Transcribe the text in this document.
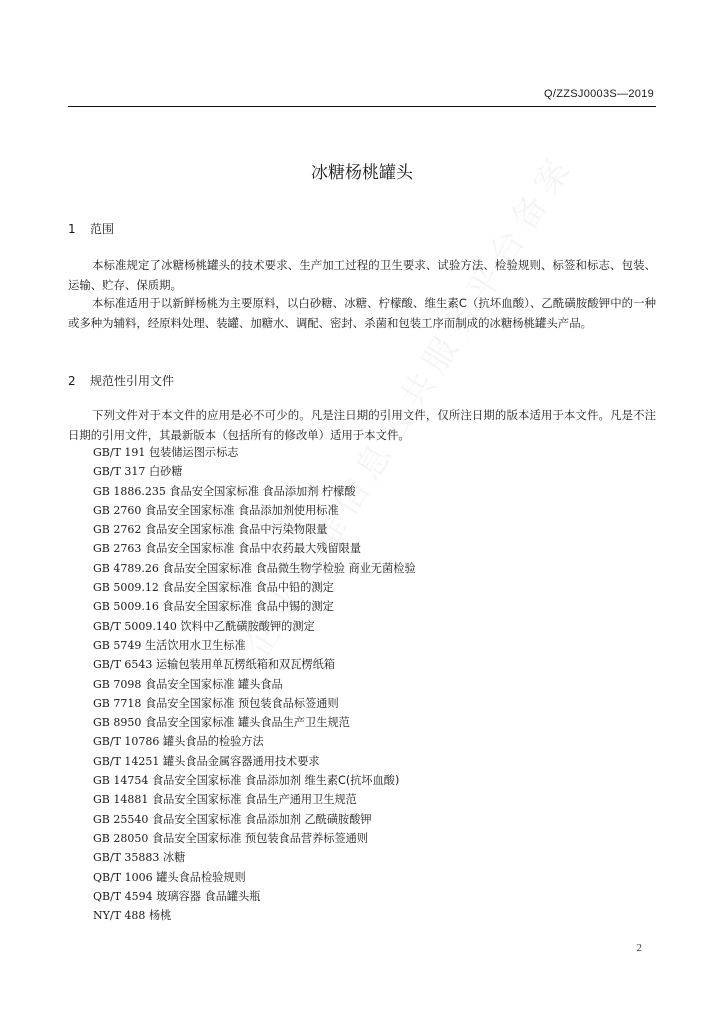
Q/ZZSJ0003S—2019
冰糖杨桃罐头
1 范围

本标准规定了冰糖杨桃罐头的技术要求、生产加工过程的卫生要求、试验方法、检验规则、标签和标志、包装、运输、贮存、保质期。

本标准适用于以新鲜杨桃为主要原料，以白砂糖、冰糖、柠檬酸、维生素C（抗坏血酸）、乙酰磺胺酸钾中的一种或多种为辅料，经原料处理、装罐、加糖水、调配、密封、杀菌和包装工序而制成的冰糖杨桃罐头产品。

2 规范性引用文件

下列文件对于本文件的应用是必不可少的。凡是注日期的引用文件，仅所注日期的版本适用于本文件。凡是不注日期的引用文件，其最新版本（包括所有的修改单）适用于本文件。

GB/T 191 包装储运图示标志
GB/T 317 白砂糖
GB 1886.235 食品安全国家标准 食品添加剂 柠檬酸
GB 2760 食品安全国家标准 食品添加剂使用标准
GB 2762 食品安全国家标准 食品中污染物限量
GB 2763 食品安全国家标准 食品中农药最大残留限量
GB 4789.26 食品安全国家标准 食品微生物学检验 商业无菌检验
GB 5009.12 食品安全国家标准 食品中铅的测定
GB 5009.16 食品安全国家标准 食品中锡的测定
GB/T 5009.140 饮料中乙酰磺胺酸钾的测定
GB 5749 生活饮用水卫生标准
GB/T 6543 运输包装用单瓦楞纸箱和双瓦楞纸箱
GB 7098 食品安全国家标准 罐头食品
GB 7718 食品安全国家标准 预包装食品标签通则
GB 8950 食品安全国家标准 罐头食品生产卫生规范
GB/T 10786 罐头食品的检验方法
GB/T 14251 罐头食品金属容器通用技术要求
GB 14754 食品安全国家标准 食品添加剂 维生素C(抗坏血酸)
GB 14881 食品安全国家标准 食品生产通用卫生规范
GB 25540 食品安全国家标准 食品添加剂 乙酰磺胺酸钾
GB 28050 食品安全国家标准 预包装食品营养标签通则
GB/T 35883 冰糖
QB/T 1006 罐头食品检验规则
QB/T 4594 玻璃容器 食品罐头瓶
NY/T 488 杨桃
2
